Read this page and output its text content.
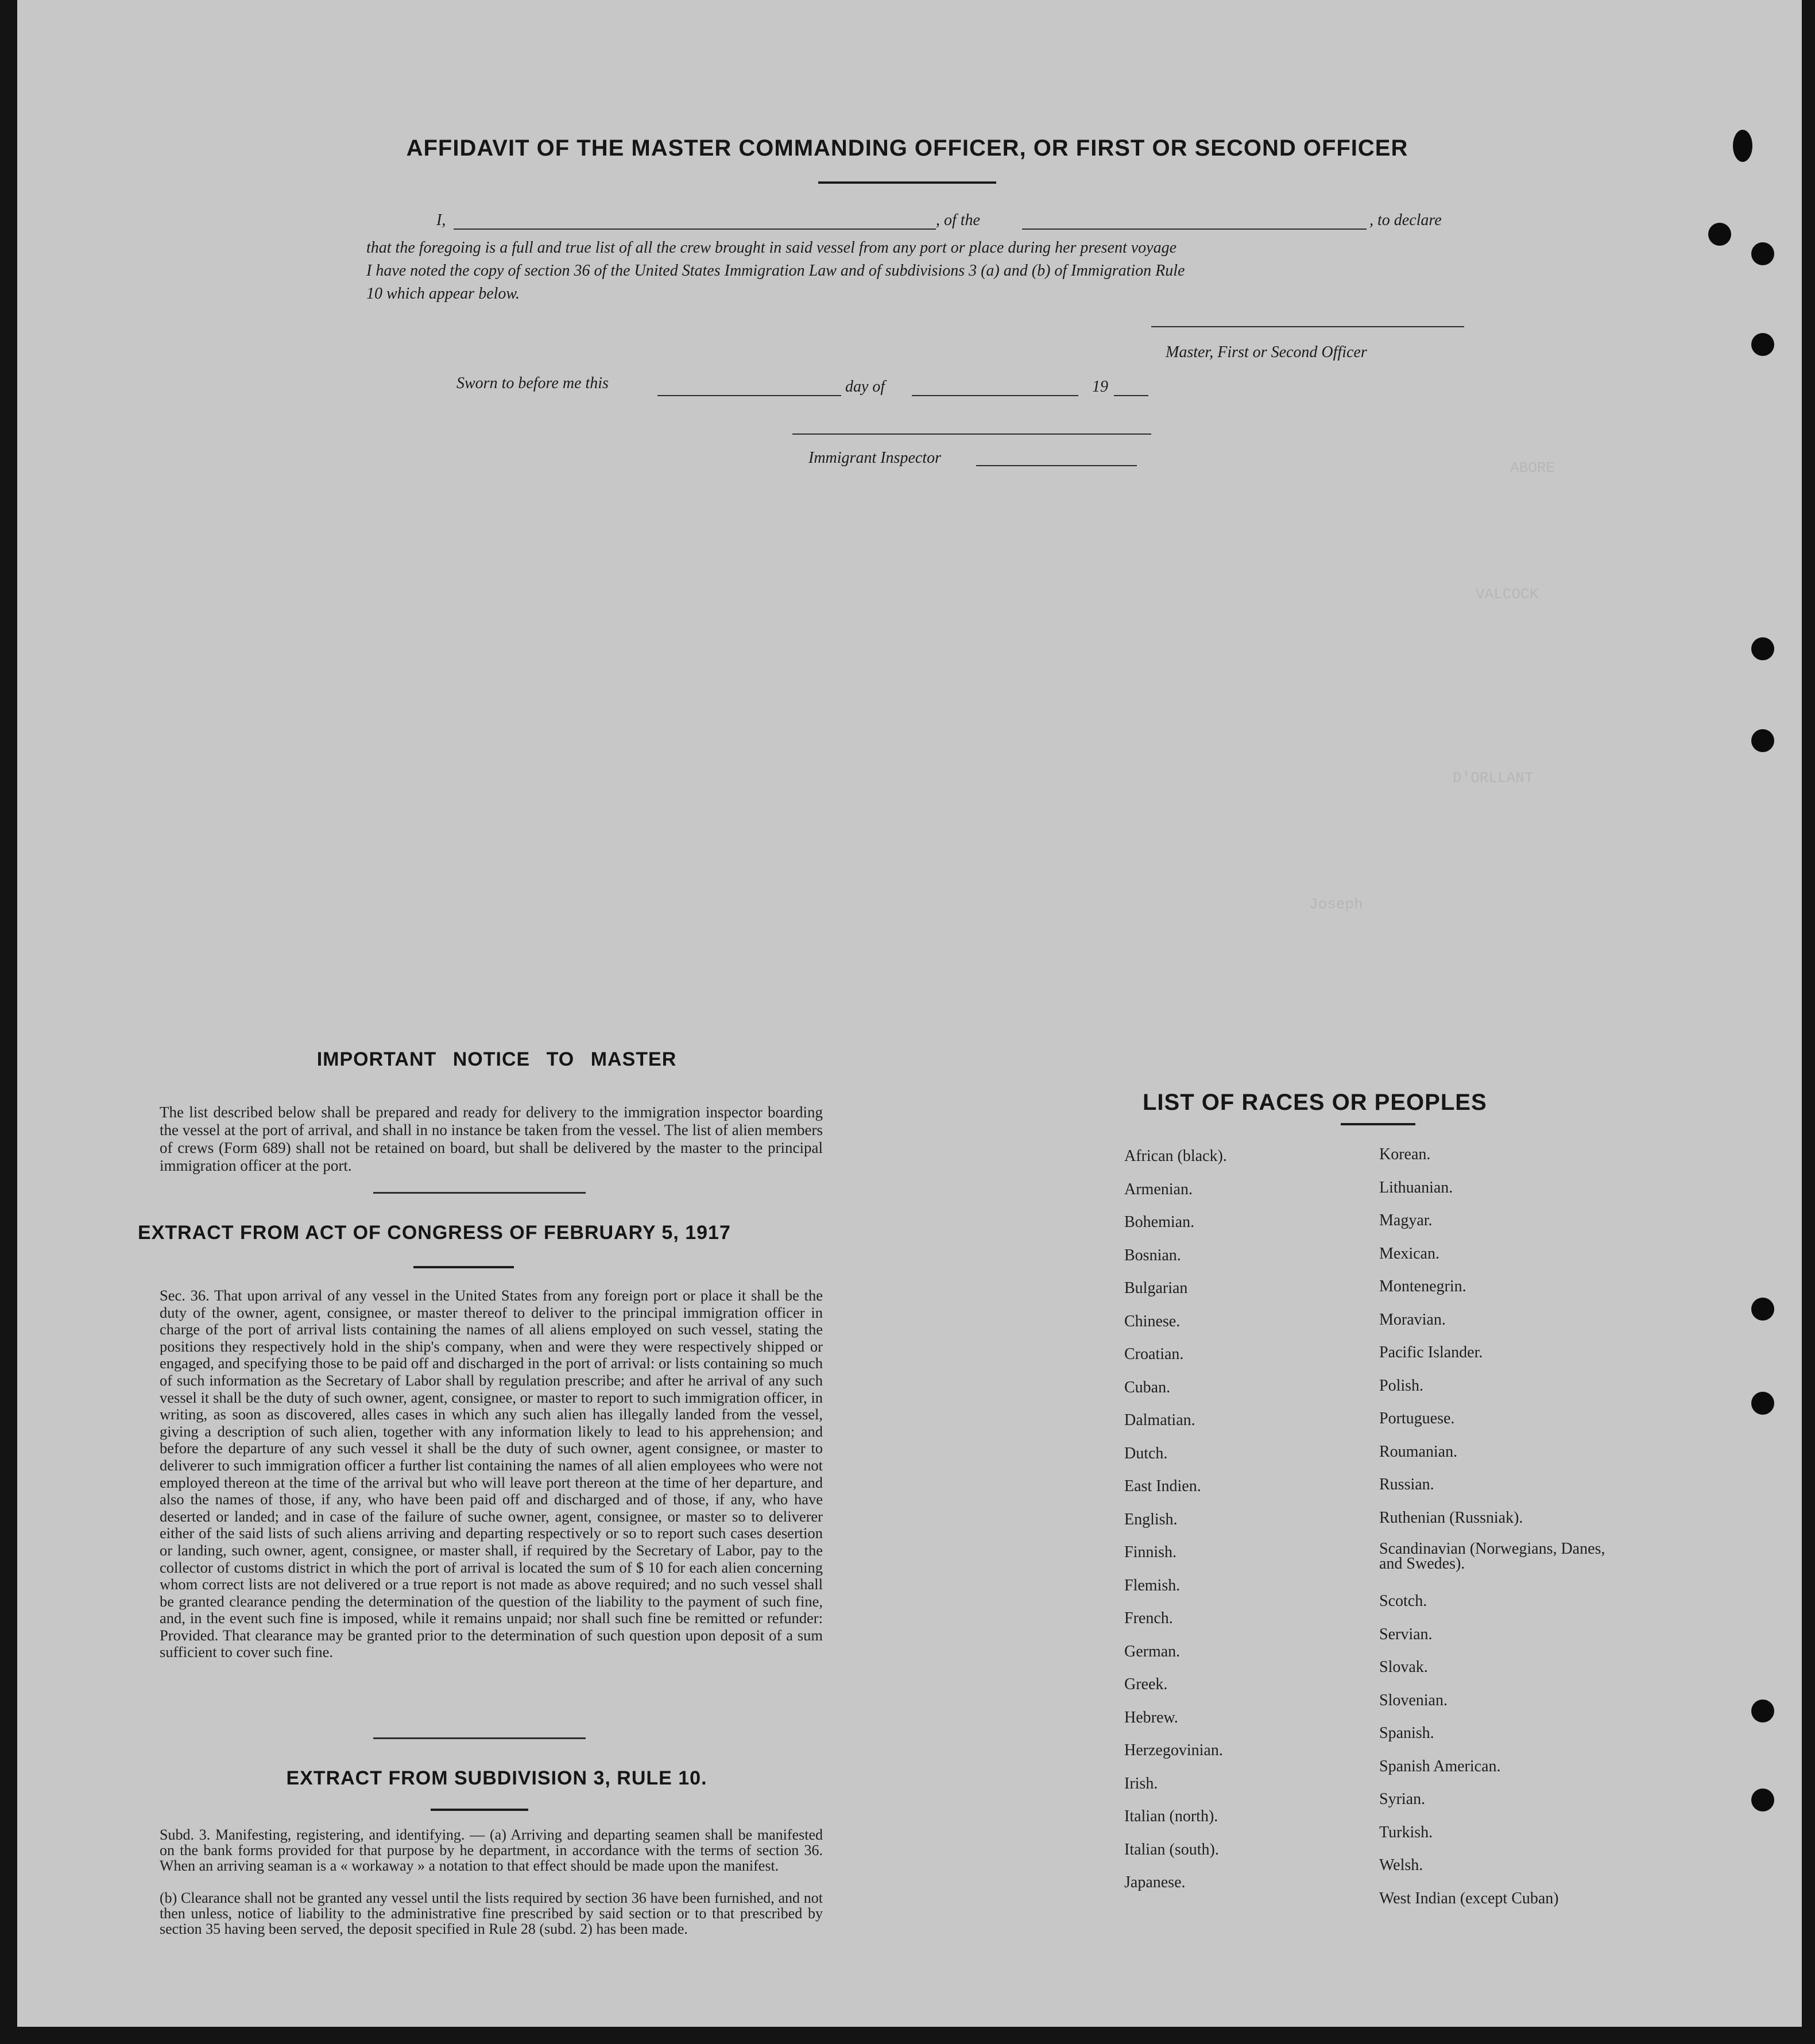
ABORE
VALCOCK
D'ORLLANT
Joseph
AFFIDAVIT OF THE MASTER COMMANDING OFFICER, OR FIRST OR SECOND OFFICER
I,	, of the	, to declare
that the foregoing is a full and true list of all the crew brought in said vessel from any port or place during her present voyage
I have noted the copy of section 36 of the United States Immigration Law and of subdivisions 3 (a) and (b) of Immigration Rule
10 which appear below.
Master, First or Second Officer
Sworn to before me this	day of	19
Immigrant Inspector
IMPORTANT NOTICE TO MASTER
The list described below shall be prepared and ready for delivery to the immigration inspector boarding the vessel at the port of arrival, and shall in no instance be taken from the vessel. The list of alien members of crews (Form 689) shall not be retained on board, but shall be delivered by the master to the principal immigration officer at the port.
EXTRACT FROM ACT OF CONGRESS OF FEBRUARY 5, 1917
Sec. 36. That upon arrival of any vessel in the United States from any foreign port or place it shall be the duty of the owner, agent, consignee, or master thereof to deliver to the principal immigration officer in charge of the port of arrival lists containing the names of all aliens employed on such vessel, stating the positions they respectively hold in the ship's company, when and were they were respectively shipped or engaged, and specifying those to be paid off and discharged in the port of arrival: or lists containing so much of such information as the Secretary of Labor shall by regulation prescribe; and after he arrival of any such vessel it shall be the duty of such owner, agent, consignee, or master to report to such immigration officer, in writing, as soon as discovered, alles cases in which any such alien has illegally landed from the vessel, giving a description of such alien, together with any information likely to lead to his apprehension; and before the departure of any such vessel it shall be the duty of such owner, agent consignee, or master to deliverer to such immigration officer a further list containing the names of all alien employees who were not employed thereon at the time of the arrival but who will leave port thereon at the time of her departure, and also the names of those, if any, who have been paid off and discharged and of those, if any, who have deserted or landed; and in case of the failure of suche owner, agent, consignee, or master so to deliverer either of the said lists of such aliens arriving and departing respectively or so to report such cases desertion or landing, such owner, agent, consignee, or master shall, if required by the Secretary of Labor, pay to the collector of customs district in which the port of arrival is located the sum of $ 10 for each alien concerning whom correct lists are not delivered or a true report is not made as above required; and no such vessel shall be granted clearance pending the determination of the question of the liability to the payment of such fine, and, in the event such fine is imposed, while it remains unpaid; nor shall such fine be remitted or refunder: Provided. That clearance may be granted prior to the determination of such question upon deposit of a sum sufficient to cover such fine.
EXTRACT FROM SUBDIVISION 3, RULE 10.
Subd. 3. Manifesting, registering, and identifying. — (a) Arriving and departing seamen shall be manifested on the bank forms provided for that purpose by he department, in accordance with the terms of section 36. When an arriving seaman is a « workaway » a notation to that effect should be made upon the manifest.
(b) Clearance shall not be granted any vessel until the lists required by section 36 have been furnished, and not then unless, notice of liability to the administrative fine prescribed by said section or to that prescribed by section 35 having been served, the deposit specified in Rule 28 (subd. 2) has been made.
LIST OF RACES OR PEOPLES
African (black).
Armenian.
Bohemian.
Bosnian.
Bulgarian
Chinese.
Croatian.
Cuban.
Dalmatian.
Dutch.
East Indien.
English.
Finnish.
Flemish.
French.
German.
Greek.
Hebrew.
Herzegovinian.
Irish.
Italian (north).
Italian (south).
Japanese.
Korean.
Lithuanian.
Magyar.
Mexican.
Montenegrin.
Moravian.
Pacific Islander.
Polish.
Portuguese.
Roumanian.
Russian.
Ruthenian (Russniak).
Scandinavian (Norwegians, Danes, and Swedes).
Scotch.
Servian.
Slovak.
Slovenian.
Spanish.
Spanish American.
Syrian.
Turkish.
Welsh.
West Indian (except Cuban)
